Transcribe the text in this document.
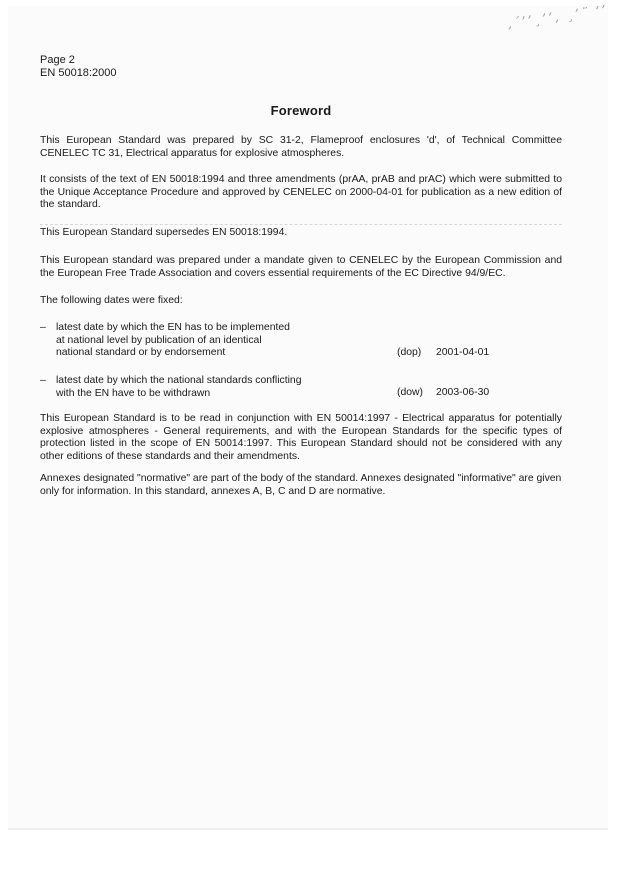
‚´’’¸’’, ¸’¨ ‘’
Page 2
EN 50018:2000
Foreword
This European Standard was prepared by SC 31-2, Flameproof enclosures 'd', of Technical Committee CENELEC TC 31, Electrical apparatus for explosive atmospheres.
It consists of the text of EN 50018:1994 and three amendments (prAA, prAB and prAC) which were submitted to the Unique Acceptance Procedure and approved by CENELEC on 2000-04-01 for publication as a new edition of the standard.
This European Standard supersedes EN 50018:1994.
This European standard was prepared under a mandate given to CENELEC by the European Commission and the European Free Trade Association and covers essential requirements of the EC Directive 94/9/EC.
The following dates were fixed:
– latest date by which the EN has to be implemented
at national level by publication of an identical
national standard or by endorsement	(dop) 2001-04-01
– latest date by which the national standards conflicting
with the EN have to be withdrawn	(dow) 2003-06-30
This European Standard is to be read in conjunction with EN 50014:1997 - Electrical apparatus for potentially explosive atmospheres - General requirements, and with the European Standards for the specific types of protection listed in the scope of EN 50014:1997. This European Standard should not be considered with any other editions of these standards and their amendments.
Annexes designated "normative" are part of the body of the standard. Annexes designated "informative" are given only for information. In this standard, annexes A, B, C and D are normative.
